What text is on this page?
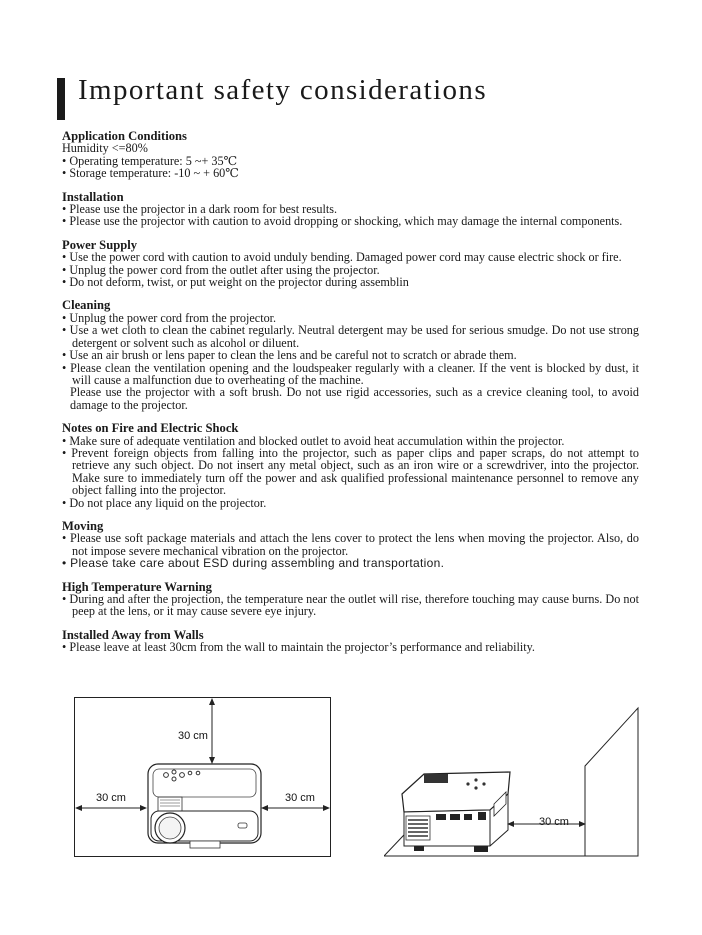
Important safety considerations

Application Conditions

Humidity <=80%

• Operating temperature: 5 ~+ 35℃

• Storage temperature: -10 ~ + 60℃

Installation

• Please use the projector in a dark room for best results.

• Please use the projector with caution to avoid dropping or shocking, which may damage the internal components.

Power Supply

• Use the power cord with caution to avoid unduly bending. Damaged power cord may cause electric shock or fire.

• Unplug the power cord from the outlet after using the projector.

• Do not deform, twist, or put weight on the projector during assemblin

Cleaning

• Unplug the power cord from the projector.

• Use a wet cloth to clean the cabinet regularly. Neutral detergent may be used for serious smudge. Do not use strong detergent or solvent such as alcohol or diluent.

• Use an air brush or lens paper to clean the lens and be careful not to scratch or abrade them.

• Please clean the ventilation opening and the loudspeaker regularly with a cleaner. If the vent is blocked by dust, it will cause a malfunction due to overheating of the machine.

Please use the projector with a soft brush. Do not use rigid accessories, such as a crevice cleaning tool, to avoid damage to the projector.

Notes on Fire and Electric Shock

• Make sure of adequate ventilation and blocked outlet to avoid heat accumulation within the projector.

• Prevent foreign objects from falling into the projector, such as paper clips and paper scraps, do not attempt to retrieve any such object. Do not insert any metal object, such as an iron wire or a screwdriver, into the projector. Make sure to immediately turn off the power and ask qualified professional maintenance personnel to remove any object falling into the projector.

• Do not place any liquid on the projector.

Moving

• Please use soft package materials and attach the lens cover to protect the lens when moving the projector. Also, do not impose severe mechanical vibration on the projector.

• Please take care about ESD during assembling and transportation.

High Temperature Warning

• During and after the projection, the temperature near the outlet will rise, therefore touching may cause burns. Do not peep at the lens, or it may cause severe eye injury.

Installed Away from Walls

• Please leave at least 30cm from the wall to maintain the projector’s performance and reliability.

30 cm
30 cm	30 cm
30 cm
